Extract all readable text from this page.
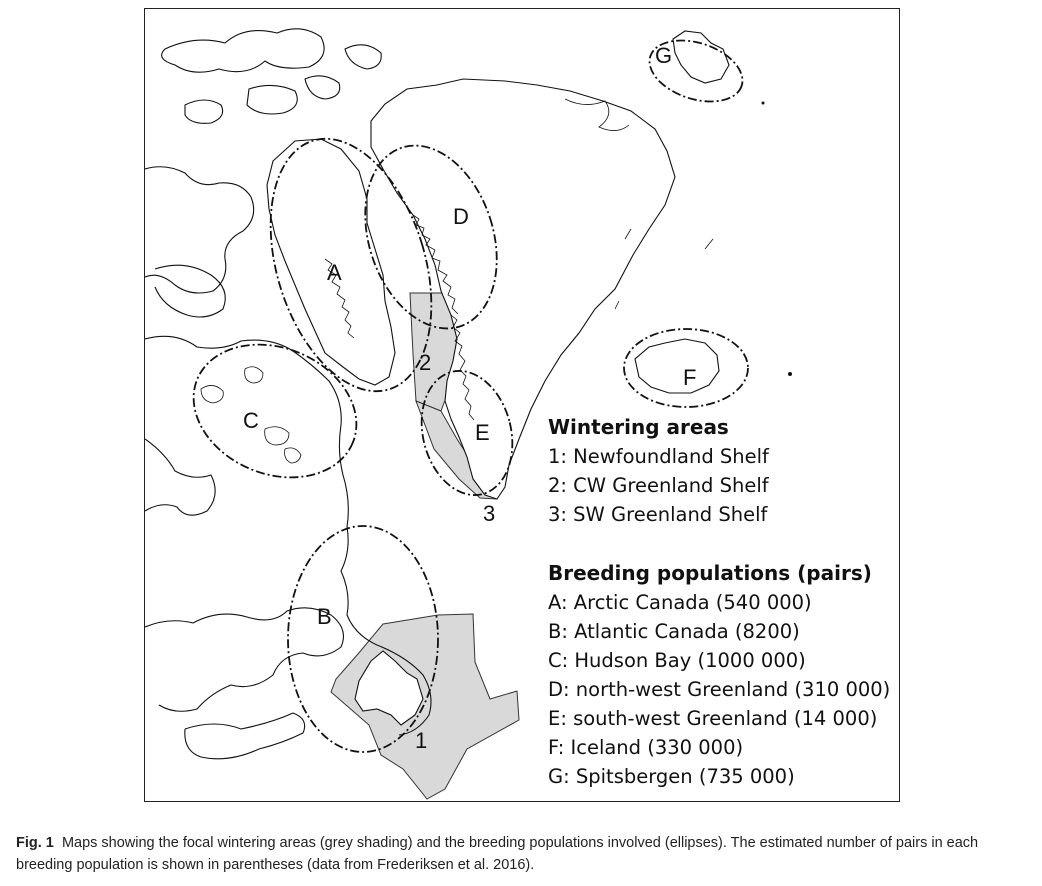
A
B
C
D
E
F
G
1
2
3
Wintering areas
1: Newfoundland Shelf
2: CW Greenland Shelf
3: SW Greenland Shelf
Breeding populations (pairs)
A: Arctic Canada (540 000)
B: Atlantic Canada (8200)
C: Hudson Bay (1000 000)
D: north-west Greenland (310 000)
E: south-west Greenland (14 000)
F: Iceland (330 000)
G: Spitsbergen (735 000)
Fig. 1 Maps showing the focal wintering areas (grey shading) and the breeding populations involved (ellipses). The estimated number of pairs in each breeding population is shown in parentheses (data from Frederiksen et al. 2016).
